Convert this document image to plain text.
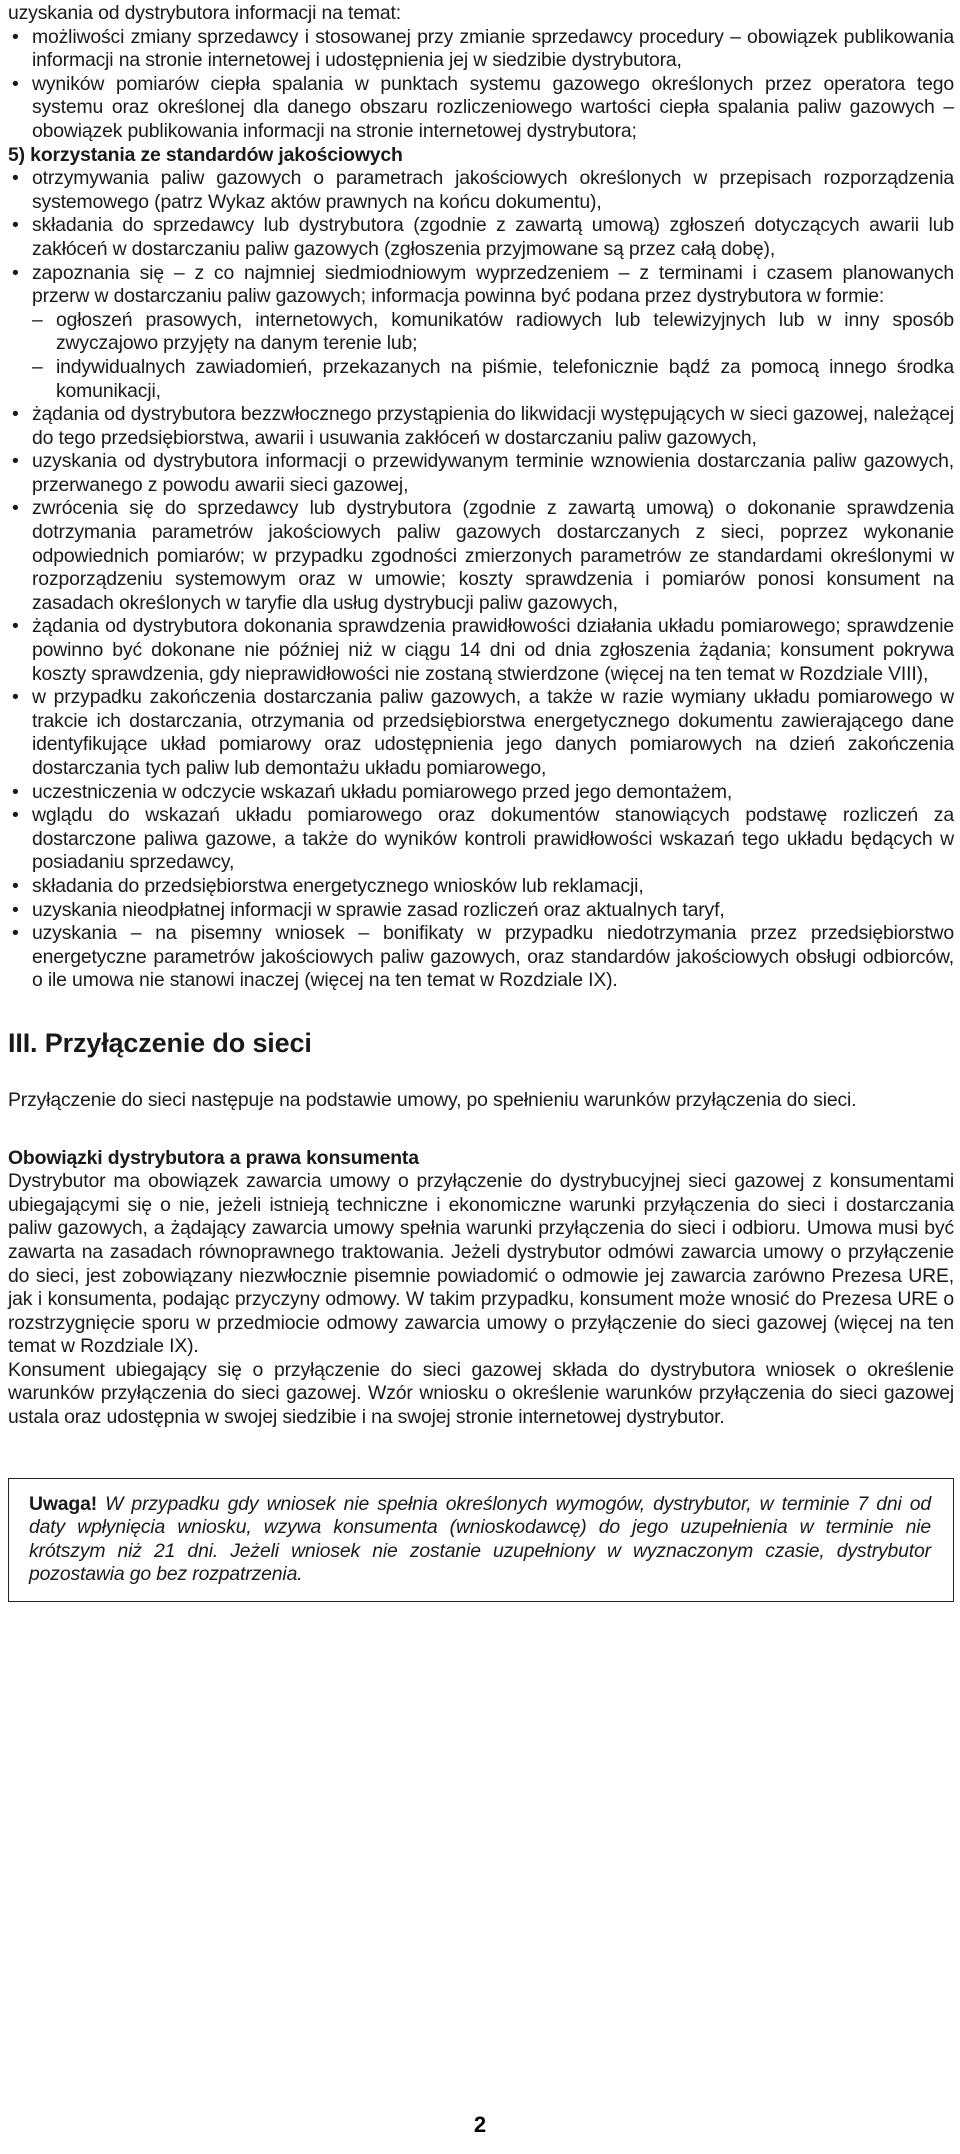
uzyskania od dystrybutora informacji na temat:

• możliwości zmiany sprzedawcy i stosowanej przy zmianie sprzedawcy procedury – obowiązek publikowania informacji na stronie internetowej i udostępnienia jej w siedzibie dystrybutora,
• wyników pomiarów ciepła spalania w punktach systemu gazowego określonych przez operatora tego systemu oraz określonej dla danego obszaru rozliczeniowego wartości ciepła spalania paliw gazowych – obowiązek publikowania informacji na stronie internetowej dystrybutora;

5) korzystania ze standardów jakościowych

• otrzymywania paliw gazowych o parametrach jakościowych określonych w przepisach rozporządzenia systemowego (patrz Wykaz aktów prawnych na końcu dokumentu),
• składania do sprzedawcy lub dystrybutora (zgodnie z zawartą umową) zgłoszeń dotyczących awarii lub zakłóceń w dostarczaniu paliw gazowych (zgłoszenia przyjmowane są przez całą dobę),
• zapoznania się – z co najmniej siedmiodniowym wyprzedzeniem – z terminami i czasem planowanych przerw w dostarczaniu paliw gazowych; informacja powinna być podana przez dystrybutora w formie:
– ogłoszeń prasowych, internetowych, komunikatów radiowych lub telewizyjnych lub w inny sposób zwyczajowo przyjęty na danym terenie lub;
– indywidualnych zawiadomień, przekazanych na piśmie, telefonicznie bądź za pomocą innego środka komunikacji,
• żądania od dystrybutora bezzwłocznego przystąpienia do likwidacji występujących w sieci gazowej, należącej do tego przedsiębiorstwa, awarii i usuwania zakłóceń w dostarczaniu paliw gazowych,
• uzyskania od dystrybutora informacji o przewidywanym terminie wznowienia dostarczania paliw gazowych, przerwanego z powodu awarii sieci gazowej,
• zwrócenia się do sprzedawcy lub dystrybutora (zgodnie z zawartą umową) o dokonanie sprawdzenia dotrzymania parametrów jakościowych paliw gazowych dostarczanych z sieci, poprzez wykonanie odpowiednich pomiarów; w przypadku zgodności zmierzonych parametrów ze standardami określonymi w rozporządzeniu systemowym oraz w umowie; koszty sprawdzenia i pomiarów ponosi konsument na zasadach określonych w taryfie dla usług dystrybucji paliw gazowych,
• żądania od dystrybutora dokonania sprawdzenia prawidłowości działania układu pomiarowego; sprawdzenie powinno być dokonane nie później niż w ciągu 14 dni od dnia zgłoszenia żądania; konsument pokrywa koszty sprawdzenia, gdy nieprawidłowości nie zostaną stwierdzone (więcej na ten temat w Rozdziale VIII),
• w przypadku zakończenia dostarczania paliw gazowych, a także w razie wymiany układu pomiarowego w trakcie ich dostarczania, otrzymania od przedsiębiorstwa energetycznego dokumentu zawierającego dane identyfikujące układ pomiarowy oraz udostępnienia jego danych pomiarowych na dzień zakończenia dostarczania tych paliw lub demontażu układu pomiarowego,
• uczestniczenia w odczycie wskazań układu pomiarowego przed jego demontażem,
• wglądu do wskazań układu pomiarowego oraz dokumentów stanowiących podstawę rozliczeń za dostarczone paliwa gazowe, a także do wyników kontroli prawidłowości wskazań tego układu będących w posiadaniu sprzedawcy,
• składania do przedsiębiorstwa energetycznego wniosków lub reklamacji,
• uzyskania nieodpłatnej informacji w sprawie zasad rozliczeń oraz aktualnych taryf,
• uzyskania – na pisemny wniosek – bonifikaty w przypadku niedotrzymania przez przedsiębiorstwo energetyczne parametrów jakościowych paliw gazowych, oraz standardów jakościowych obsługi odbiorców, o ile umowa nie stanowi inaczej (więcej na ten temat w Rozdziale IX).
III. Przyłączenie do sieci

Przyłączenie do sieci następuje na podstawie umowy, po spełnieniu warunków przyłączenia do sieci.

Obowiązki dystrybutora a prawa konsumenta

Dystrybutor ma obowiązek zawarcia umowy o przyłączenie do dystrybucyjnej sieci gazowej z konsumentami ubiegającymi się o nie, jeżeli istnieją techniczne i ekonomiczne warunki przyłączenia do sieci i dostarczania paliw gazowych, a żądający zawarcia umowy spełnia warunki przyłączenia do sieci i odbioru. Umowa musi być zawarta na zasadach równoprawnego traktowania. Jeżeli dystrybutor odmówi zawarcia umowy o przyłączenie do sieci, jest zobowiązany niezwłocznie pisemnie powiadomić o odmowie jej zawarcia zarówno Prezesa URE, jak i konsumenta, podając przyczyny odmowy. W takim przypadku, konsument może wnosić do Prezesa URE o rozstrzygnięcie sporu w przedmiocie odmowy zawarcia umowy o przyłączenie do sieci gazowej (więcej na ten temat w Rozdziale IX).

Konsument ubiegający się o przyłączenie do sieci gazowej składa do dystrybutora wniosek o określenie warunków przyłączenia do sieci gazowej. Wzór wniosku o określenie warunków przyłączenia do sieci gazowej ustala oraz udostępnia w swojej siedzibie i na swojej stronie internetowej dystrybutor.

Uwaga! W przypadku gdy wniosek nie spełnia określonych wymogów, dystrybutor, w terminie 7 dni od daty wpłynięcia wniosku, wzywa konsumenta (wnioskodawcę) do jego uzupełnienia w terminie nie krótszym niż 21 dni. Jeżeli wniosek nie zostanie uzupełniony w wyznaczonym czasie, dystrybutor pozostawia go bez rozpatrzenia.
2
